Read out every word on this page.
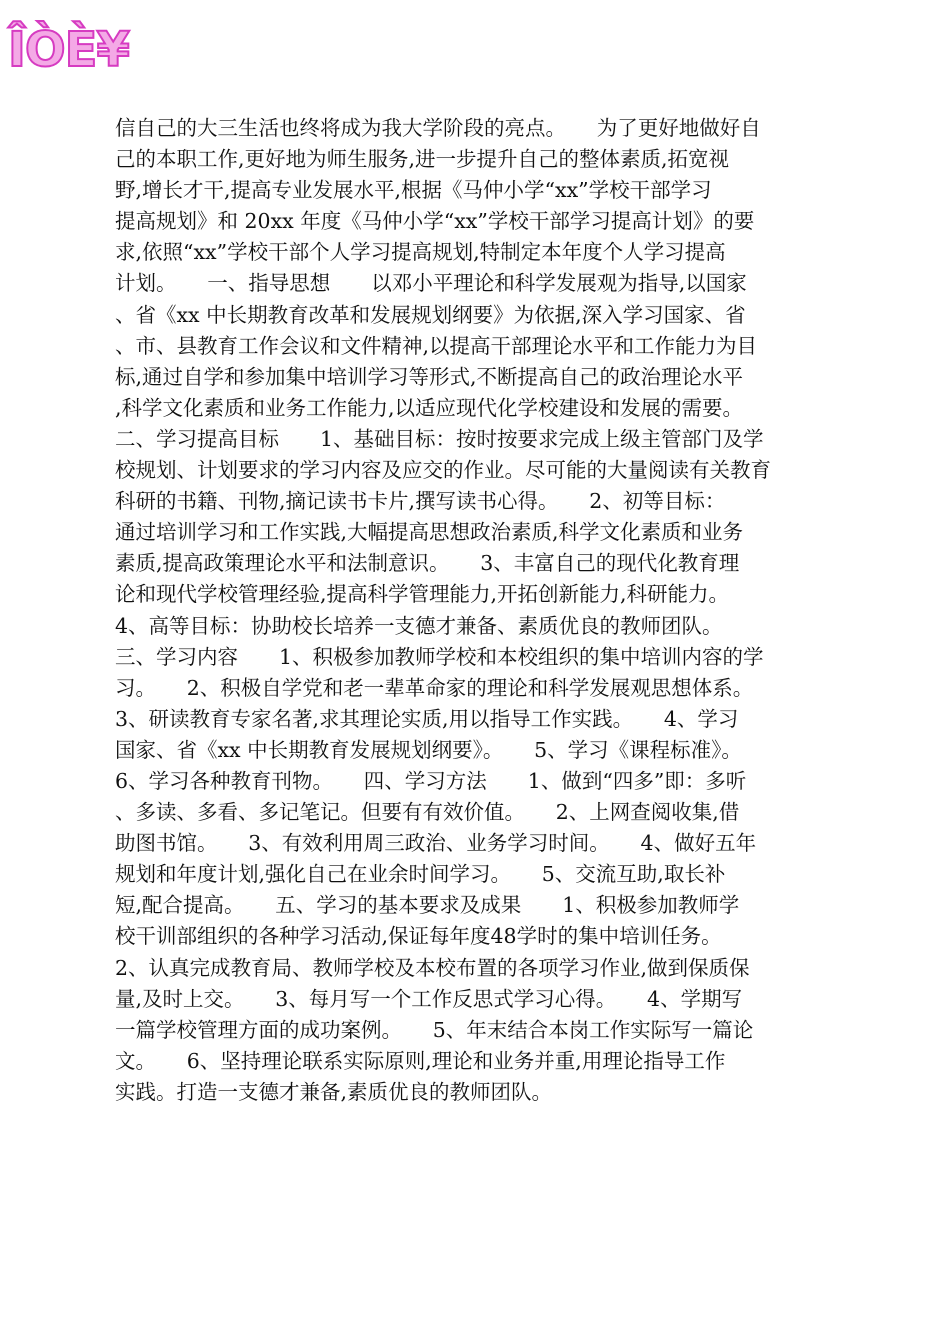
ÎÒÈ¥
信自己的大三生活也终将成为我大学阶段的亮点。　　为了更好地做好自
己的本职工作,更好地为师生服务,进一步提升自己的整体素质,拓宽视
野,增长才干,提高专业发展水平,根据《马仲小学“xx”学校干部学习
提高规划》和 20xx 年度《马仲小学“xx”学校干部学习提高计划》的要
求,依照“xx”学校干部个人学习提高规划,特制定本年度个人学习提高
计划。　　一、指导思想　　以邓小平理论和科学发展观为指导,以国家
、省《xx 中长期教育改革和发展规划纲要》为依据,深入学习国家、省
、市、县教育工作会议和文件精神,以提高干部理论水平和工作能力为目
标,通过自学和参加集中培训学习等形式,不断提高自己的政治理论水平
,科学文化素质和业务工作能力,以适应现代化学校建设和发展的需要。
二、学习提高目标　　1、基础目标：按时按要求完成上级主管部门及学
校规划、计划要求的学习内容及应交的作业。尽可能的大量阅读有关教育
科研的书籍、刊物,摘记读书卡片,撰写读书心得。　　2、初等目标：
通过培训学习和工作实践,大幅提高思想政治素质,科学文化素质和业务
素质,提高政策理论水平和法制意识。　　3、丰富自己的现代化教育理
论和现代学校管理经验,提高科学管理能力,开拓创新能力,科研能力。
4、高等目标：协助校长培养一支德才兼备、素质优良的教师团队。
三、学习内容　　1、积极参加教师学校和本校组织的集中培训内容的学
习。　　2、积极自学党和老一辈革命家的理论和科学发展观思想体系。
3、研读教育专家名著,求其理论实质,用以指导工作实践。　　4、学习
国家、省《xx 中长期教育发展规划纲要》。　　5、学习《课程标准》。
6、学习各种教育刊物。　　四、学习方法　　1、做到“四多”即：多听
、多读、多看、多记笔记。但要有有效价值。　　2、上网查阅收集,借
助图书馆。　　3、有效利用周三政治、业务学习时间。　　4、做好五年
规划和年度计划,强化自己在业余时间学习。　　5、交流互助,取长补
短,配合提高。　　五、学习的基本要求及成果　　1、积极参加教师学
校干训部组织的各种学习活动,保证每年度48学时的集中培训任务。
2、认真完成教育局、教师学校及本校布置的各项学习作业,做到保质保
量,及时上交。　　3、每月写一个工作反思式学习心得。　　4、学期写
一篇学校管理方面的成功案例。　　5、年末结合本岗工作实际写一篇论
文。　　6、坚持理论联系实际原则,理论和业务并重,用理论指导工作
实践。打造一支德才兼备,素质优良的教师团队。
